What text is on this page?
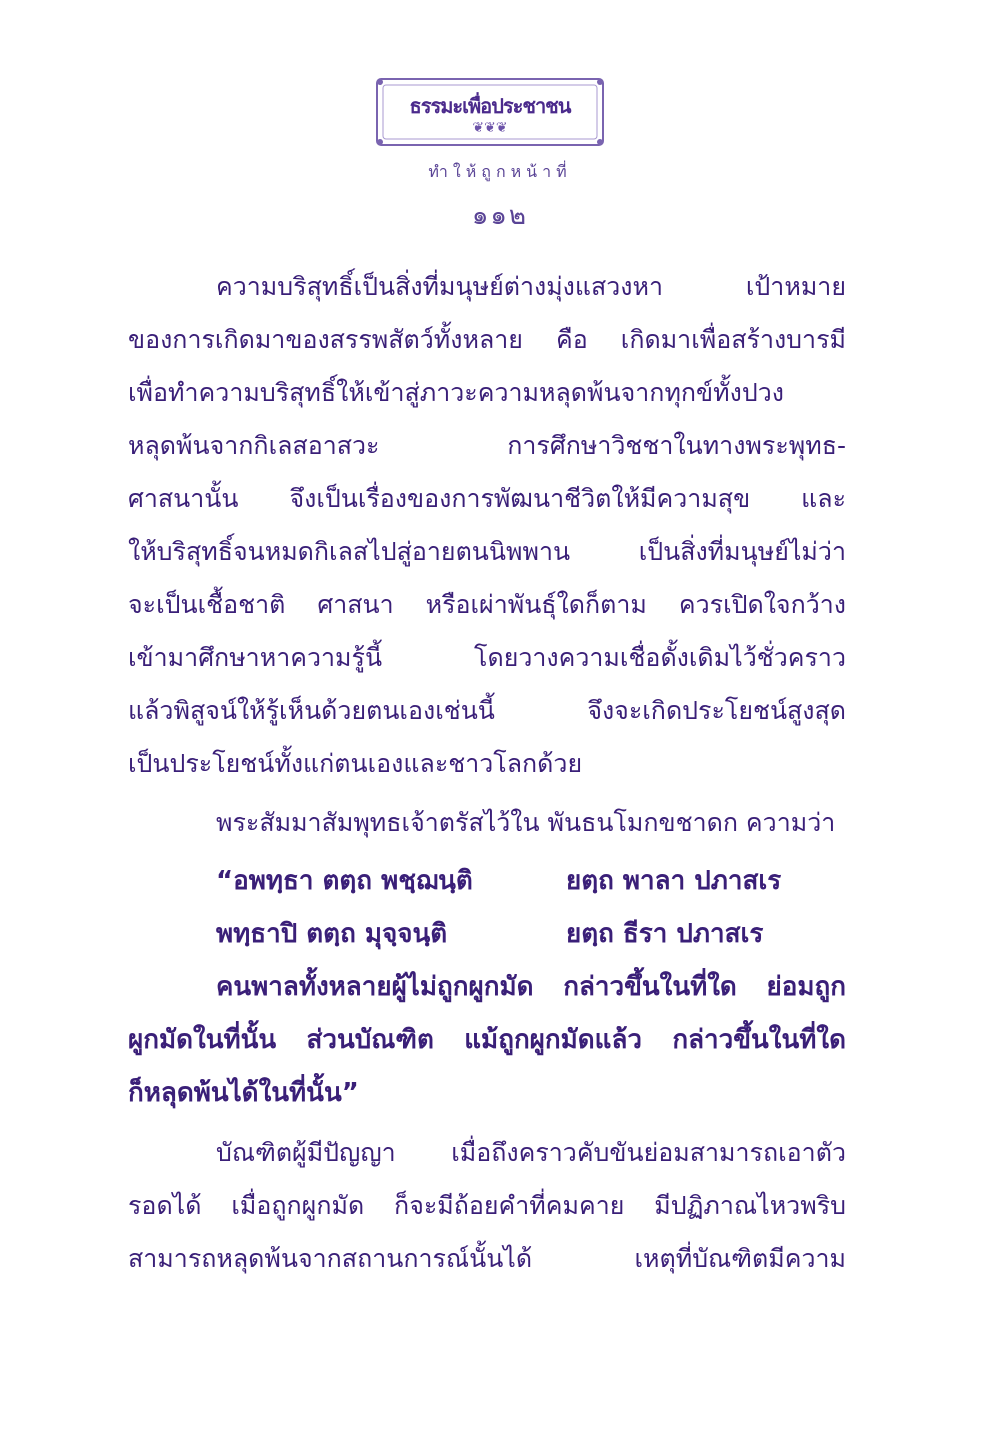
ธรรมะเพื่อประชาชน
❦❦❦
ทำให้ถูกหน้าที่
๑๑๒
ความบริสุทธิ์เป็นสิ่งที่มนุษย์ต่างมุ่งแสวงหา เป้าหมาย
ของการเกิดมาของสรรพสัตว์ทั้งหลาย คือ เกิดมาเพื่อสร้างบารมี
เพื่อทำความบริสุทธิ์ให้เข้าสู่ภาวะความหลุดพ้นจากทุกข์ทั้งปวง
หลุดพ้นจากกิเลสอาสวะ การศึกษาวิชชาในทางพระพุทธ-
ศาสนานั้น จึงเป็นเรื่องของการพัฒนาชีวิตให้มีความสุข และ
ให้บริสุทธิ์จนหมดกิเลสไปสู่อายตนนิพพาน เป็นสิ่งที่มนุษย์ไม่ว่า
จะเป็นเชื้อชาติ ศาสนา หรือเผ่าพันธุ์ใดก็ตาม ควรเปิดใจกว้าง
เข้ามาศึกษาหาความรู้นี้ โดยวางความเชื่อดั้งเดิมไว้ชั่วคราว
แล้วพิสูจน์ให้รู้เห็นด้วยตนเองเช่นนี้ จึงจะเกิดประโยชน์สูงสุด
เป็นประโยชน์ทั้งแก่ตนเองและชาวโลกด้วย
พระสัมมาสัมพุทธเจ้าตรัสไว้ใน พันธนโมกขชาดก ความว่า
“อพทฺธา ตตฺถ พชฺฌนฺติ	ยตฺถ พาลา ปภาสเร
พทฺธาปิ ตตฺถ มุจฺจนฺติ	ยตฺถ ธีรา ปภาสเร
คนพาลทั้งหลายผู้ไม่ถูกผูกมัด กล่าวขึ้นในที่ใด ย่อมถูก
ผูกมัดในที่นั้น ส่วนบัณฑิต แม้ถูกผูกมัดแล้ว กล่าวขึ้นในที่ใด
ก็หลุดพ้นได้ในที่นั้น”
บัณฑิตผู้มีปัญญา เมื่อถึงคราวคับขันย่อมสามารถเอาตัว
รอดได้ เมื่อถูกผูกมัด ก็จะมีถ้อยคำที่คมคาย มีปฏิภาณไหวพริบ
สามารถหลุดพ้นจากสถานการณ์นั้นได้ เหตุที่บัณฑิตมีความ
